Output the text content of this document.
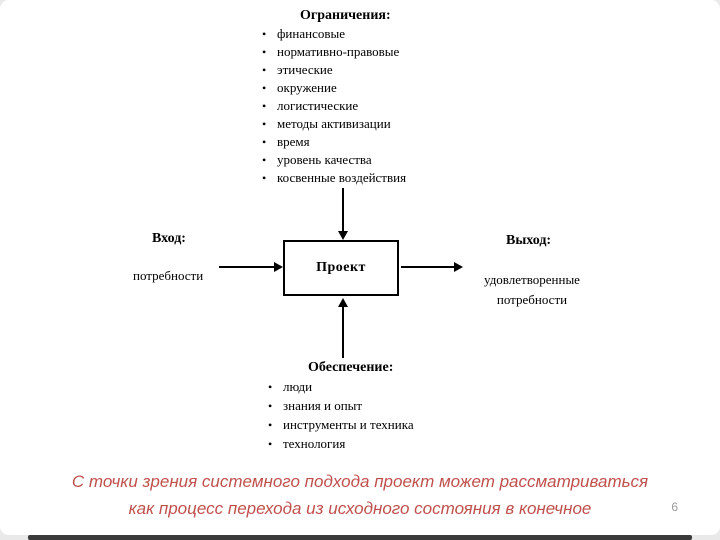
Ограничения:
• финансовые
• нормативно-правовые
• этические
• окружение
• логистические
• методы активизации
• время
• уровень качества
• косвенные воздействия
Вход:
потребности
Проект
Выход:
удовлетворенные потребности
Обеспечение:
• люди
• знания и опыт
• инструменты и техника
• технология
С точки зрения системного подхода проект может рассматриваться
как процесс перехода из исходного состояния в конечное	6
